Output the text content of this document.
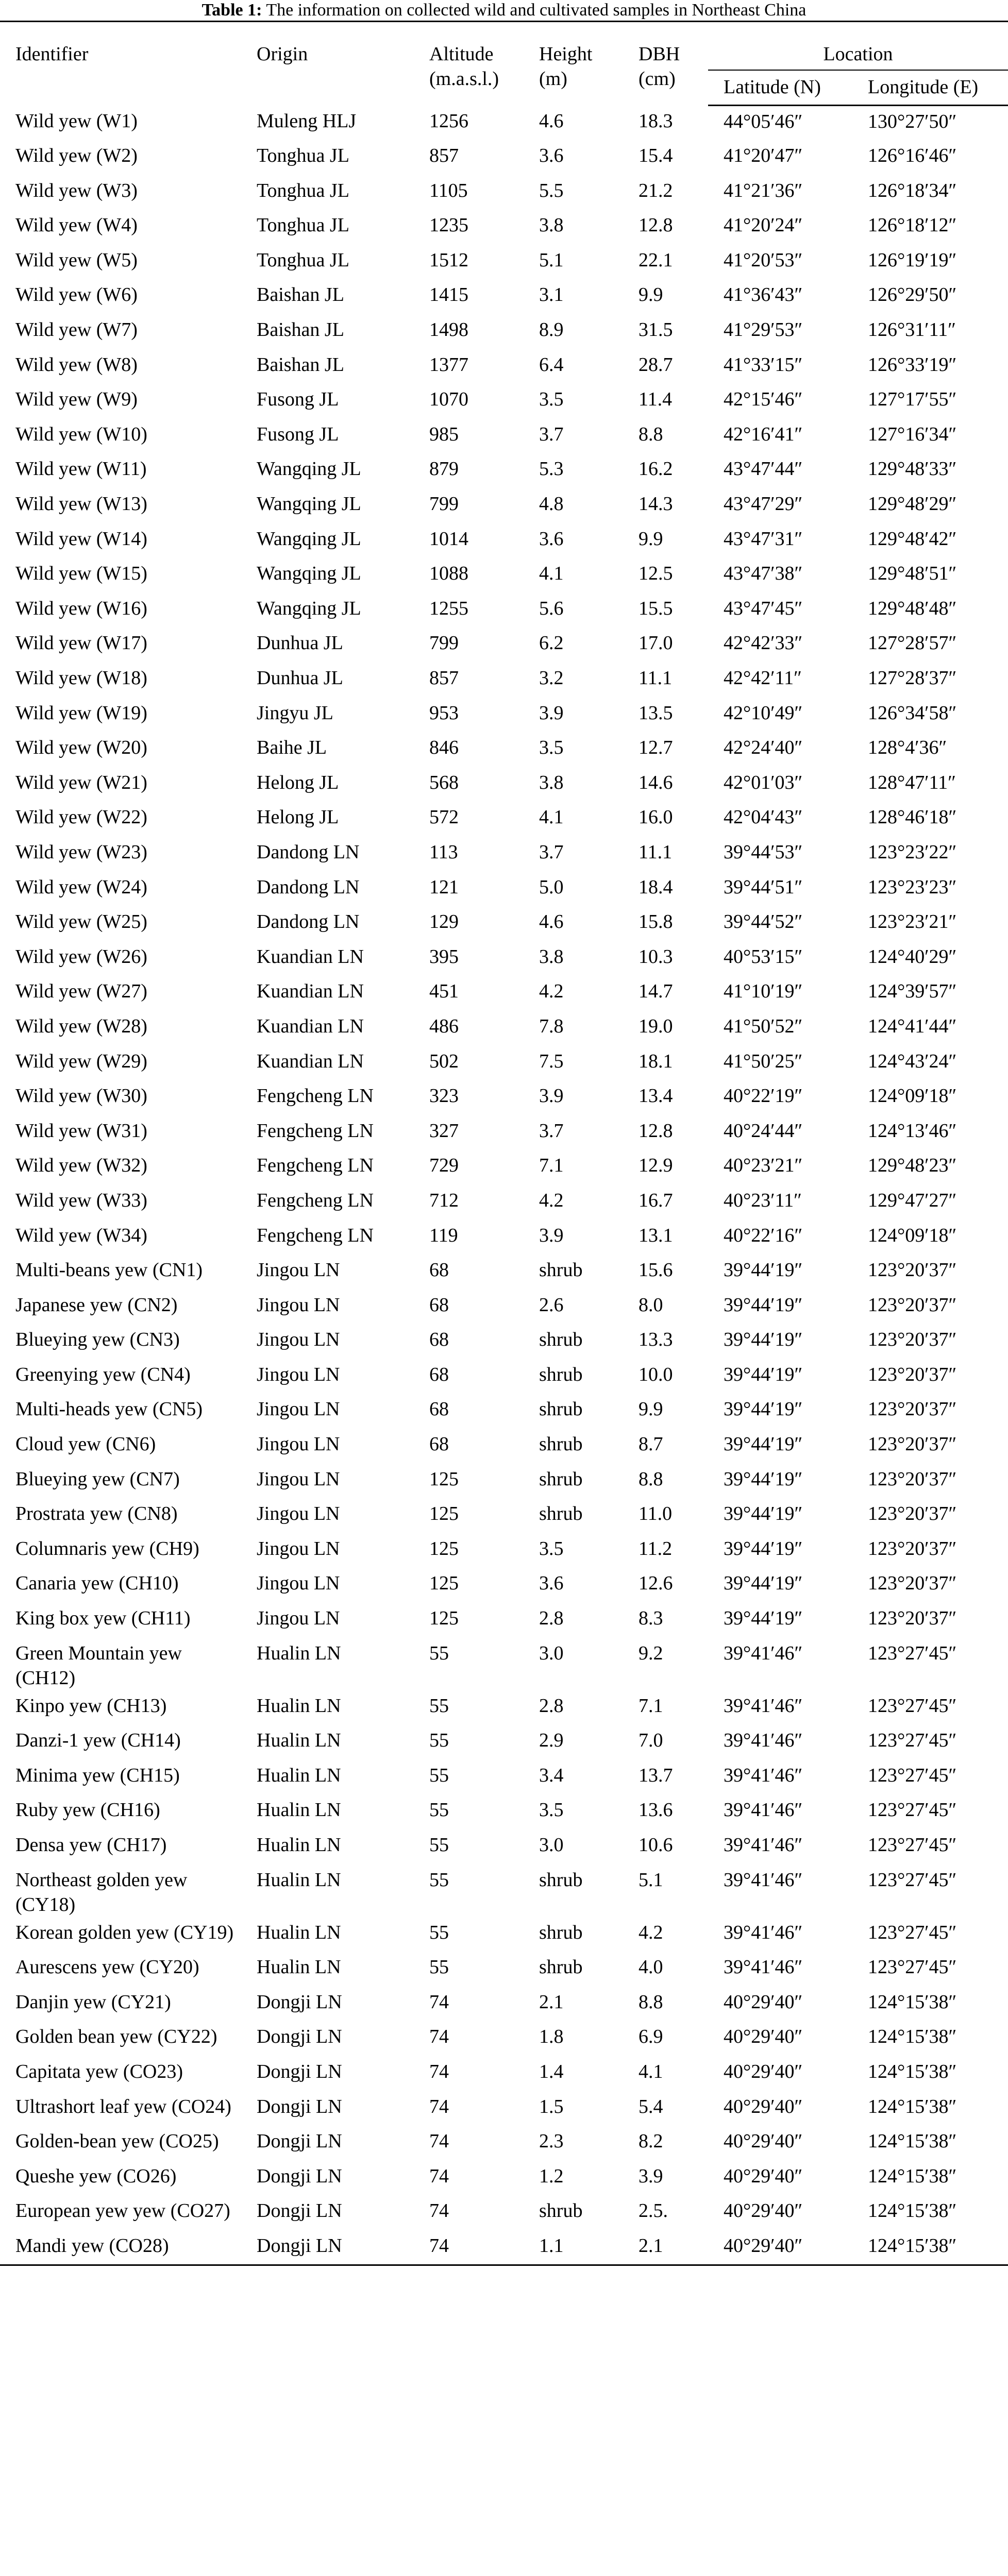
Table 1: The information on collected wild and cultivated samples in Northeast China
Identifier	Origin	Altitude (m.a.s.l.)	Height (m)	DBH (cm)	Location	
					Latitude (N)	Longitude (E)
Wild yew (W1)	Muleng HLJ	1256	4.6	18.3	44°05′46″	130°27′50″
Wild yew (W2)	Tonghua JL	857	3.6	15.4	41°20′47″	126°16′46″
Wild yew (W3)	Tonghua JL	1105	5.5	21.2	41°21′36″	126°18′34″
Wild yew (W4)	Tonghua JL	1235	3.8	12.8	41°20′24″	126°18′12″
Wild yew (W5)	Tonghua JL	1512	5.1	22.1	41°20′53″	126°19′19″
Wild yew (W6)	Baishan JL	1415	3.1	9.9	41°36′43″	126°29′50″
Wild yew (W7)	Baishan JL	1498	8.9	31.5	41°29′53″	126°31′11″
Wild yew (W8)	Baishan JL	1377	6.4	28.7	41°33′15″	126°33′19″
Wild yew (W9)	Fusong JL	1070	3.5	11.4	42°15′46″	127°17′55″
Wild yew (W10)	Fusong JL	985	3.7	8.8	42°16′41″	127°16′34″
Wild yew (W11)	Wangqing JL	879	5.3	16.2	43°47′44″	129°48′33″
Wild yew (W13)	Wangqing JL	799	4.8	14.3	43°47′29″	129°48′29″
Wild yew (W14)	Wangqing JL	1014	3.6	9.9	43°47′31″	129°48′42″
Wild yew (W15)	Wangqing JL	1088	4.1	12.5	43°47′38″	129°48′51″
Wild yew (W16)	Wangqing JL	1255	5.6	15.5	43°47′45″	129°48′48″
Wild yew (W17)	Dunhua JL	799	6.2	17.0	42°42′33″	127°28′57″
Wild yew (W18)	Dunhua JL	857	3.2	11.1	42°42′11″	127°28′37″
Wild yew (W19)	Jingyu JL	953	3.9	13.5	42°10′49″	126°34′58″
Wild yew (W20)	Baihe JL	846	3.5	12.7	42°24′40″	128°4′36″
Wild yew (W21)	Helong JL	568	3.8	14.6	42°01′03″	128°47′11″
Wild yew (W22)	Helong JL	572	4.1	16.0	42°04′43″	128°46′18″
Wild yew (W23)	Dandong LN	113	3.7	11.1	39°44′53″	123°23′22″
Wild yew (W24)	Dandong LN	121	5.0	18.4	39°44′51″	123°23′23″
Wild yew (W25)	Dandong LN	129	4.6	15.8	39°44′52″	123°23′21″
Wild yew (W26)	Kuandian LN	395	3.8	10.3	40°53′15″	124°40′29″
Wild yew (W27)	Kuandian LN	451	4.2	14.7	41°10′19″	124°39′57″
Wild yew (W28)	Kuandian LN	486	7.8	19.0	41°50′52″	124°41′44″
Wild yew (W29)	Kuandian LN	502	7.5	18.1	41°50′25″	124°43′24″
Wild yew (W30)	Fengcheng LN	323	3.9	13.4	40°22′19″	124°09′18″
Wild yew (W31)	Fengcheng LN	327	3.7	12.8	40°24′44″	124°13′46″
Wild yew (W32)	Fengcheng LN	729	7.1	12.9	40°23′21″	129°48′23″
Wild yew (W33)	Fengcheng LN	712	4.2	16.7	40°23′11″	129°47′27″
Wild yew (W34)	Fengcheng LN	119	3.9	13.1	40°22′16″	124°09′18″
Multi-beans yew (CN1)	Jingou LN	68	shrub	15.6	39°44′19″	123°20′37″
Japanese yew (CN2)	Jingou LN	68	2.6	8.0	39°44′19″	123°20′37″
Blueying yew (CN3)	Jingou LN	68	shrub	13.3	39°44′19″	123°20′37″
Greenying yew (CN4)	Jingou LN	68	shrub	10.0	39°44′19″	123°20′37″
Multi-heads yew (CN5)	Jingou LN	68	shrub	9.9	39°44′19″	123°20′37″
Cloud yew (CN6)	Jingou LN	68	shrub	8.7	39°44′19″	123°20′37″
Blueying yew (CN7)	Jingou LN	125	shrub	8.8	39°44′19″	123°20′37″
Prostrata yew (CN8)	Jingou LN	125	shrub	11.0	39°44′19″	123°20′37″
Columnaris yew (CH9)	Jingou LN	125	3.5	11.2	39°44′19″	123°20′37″
Canaria yew (CH10)	Jingou LN	125	3.6	12.6	39°44′19″	123°20′37″
King box yew (CH11)	Jingou LN	125	2.8	8.3	39°44′19″	123°20′37″
Green Mountain yew (CH12)	Hualin LN	55	3.0	9.2	39°41′46″	123°27′45″
Kinpo yew (CH13)	Hualin LN	55	2.8	7.1	39°41′46″	123°27′45″
Danzi-1 yew (CH14)	Hualin LN	55	2.9	7.0	39°41′46″	123°27′45″
Minima yew (CH15)	Hualin LN	55	3.4	13.7	39°41′46″	123°27′45″
Ruby yew (CH16)	Hualin LN	55	3.5	13.6	39°41′46″	123°27′45″
Densa yew (CH17)	Hualin LN	55	3.0	10.6	39°41′46″	123°27′45″
Northeast golden yew (CY18)	Hualin LN	55	shrub	5.1	39°41′46″	123°27′45″
Korean golden yew (CY19)	Hualin LN	55	shrub	4.2	39°41′46″	123°27′45″
Aurescens yew (CY20)	Hualin LN	55	shrub	4.0	39°41′46″	123°27′45″
Danjin yew (CY21)	Dongji LN	74	2.1	8.8	40°29′40″	124°15′38″
Golden bean yew (CY22)	Dongji LN	74	1.8	6.9	40°29′40″	124°15′38″
Capitata yew (CO23)	Dongji LN	74	1.4	4.1	40°29′40″	124°15′38″
Ultrashort leaf yew (CO24)	Dongji LN	74	1.5	5.4	40°29′40″	124°15′38″
Golden-bean yew (CO25)	Dongji LN	74	2.3	8.2	40°29′40″	124°15′38″
Queshe yew (CO26)	Dongji LN	74	1.2	3.9	40°29′40″	124°15′38″
European yew yew (CO27)	Dongji LN	74	shrub	2.5.	40°29′40″	124°15′38″
Mandi yew (CO28)	Dongji LN	74	1.1	2.1	40°29′40″	124°15′38″
